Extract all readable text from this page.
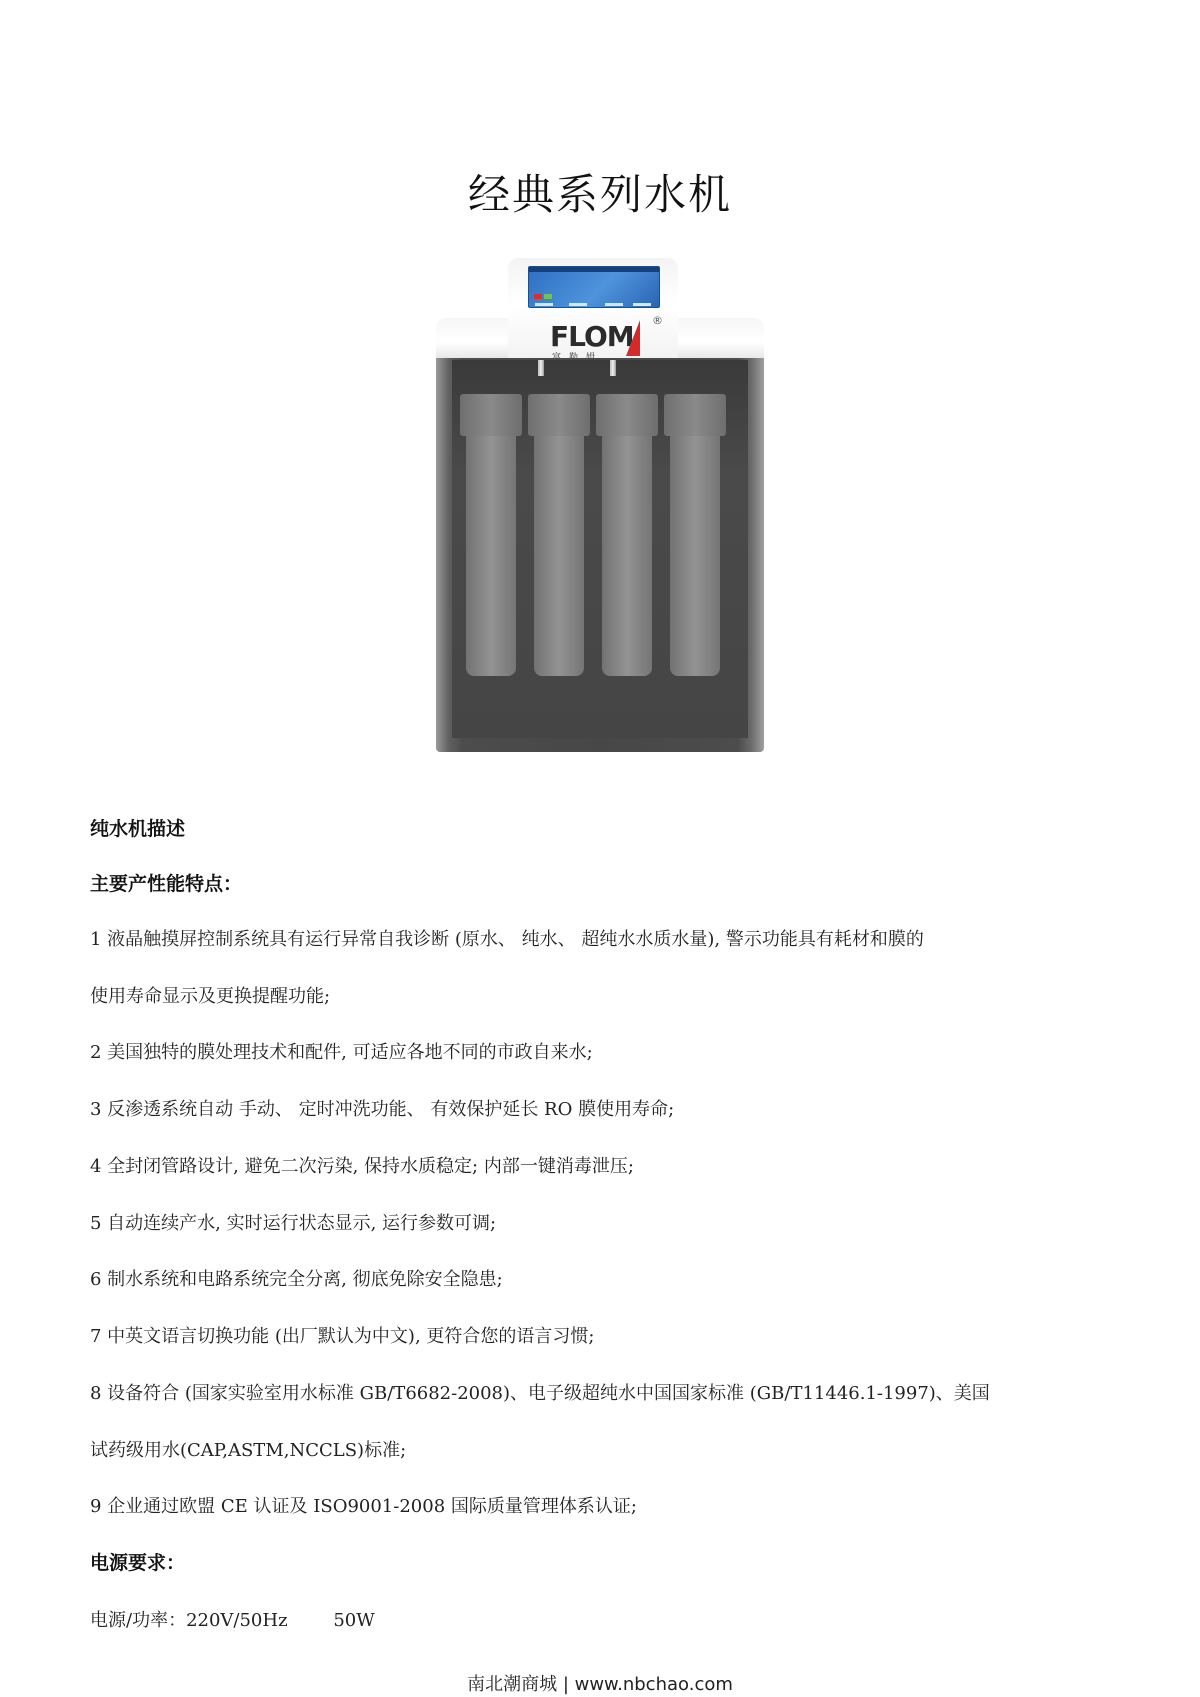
经典系列水机
FLOM ®
纯水机描述
主要产性能特点：
1 液晶触摸屏控制系统具有运行异常自我诊断 (原水、 纯水、 超纯水水质水量), 警示功能具有耗材和膜的
使用寿命显示及更换提醒功能;
2 美国独特的膜处理技术和配件, 可适应各地不同的市政自来水;
3 反渗透系统自动 手动、 定时冲洗功能、 有效保护延长 RO 膜使用寿命;
4 全封闭管路设计, 避免二次污染, 保持水质稳定; 内部一键消毒泄压;
5 自动连续产水, 实时运行状态显示, 运行参数可调;
6 制水系统和电路系统完全分离, 彻底免除安全隐患;
7 中英文语言切换功能 (出厂默认为中文), 更符合您的语言习惯;
8 设备符合 (国家实验室用水标准 GB/T6682-2008)、电子级超纯水中国国家标准 (GB/T11446.1-1997)、美国
试药级用水(CAP,ASTM,NCCLS)标准;
9 企业通过欧盟 CE 认证及 ISO9001-2008 国际质量管理体系认证;
电源要求：
电源/功率：220V/50Hz        50W
南北潮商城 | www.nbchao.com
